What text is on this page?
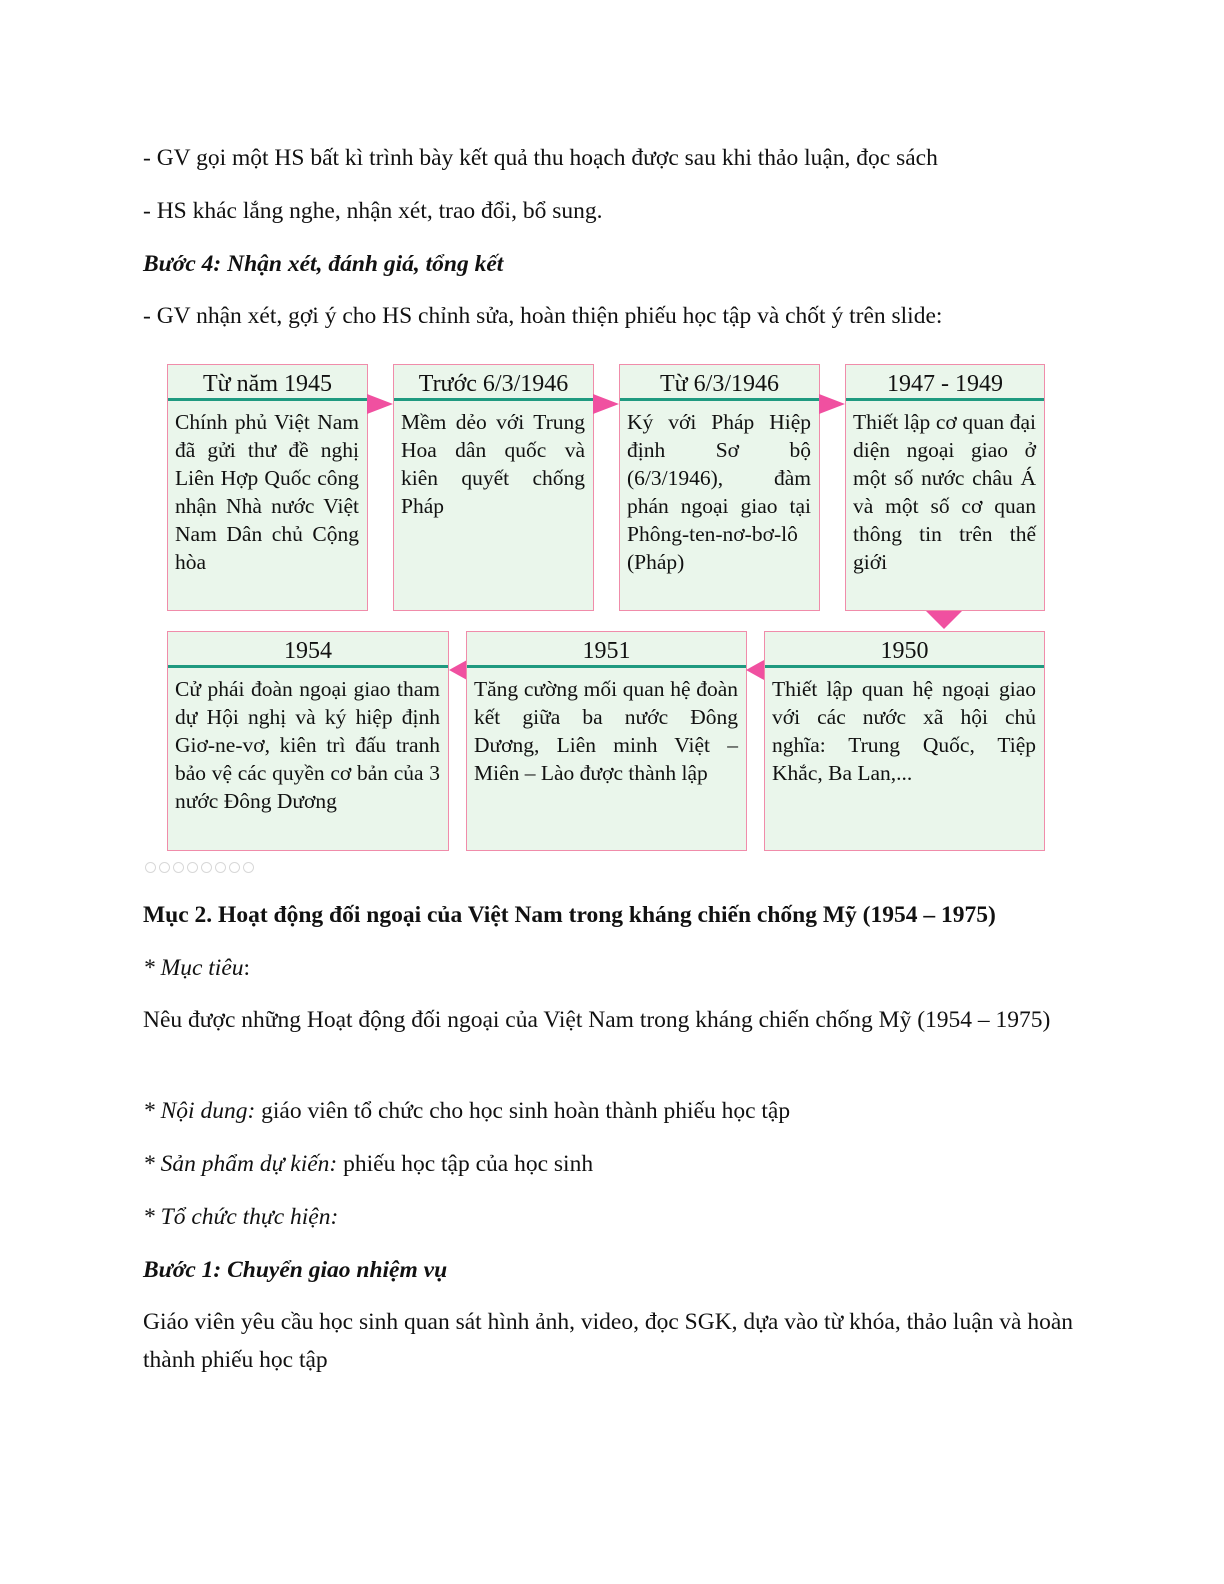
- GV gọi một HS bất kì trình bày kết quả thu hoạch được sau khi thảo luận, đọc sách

- HS khác lắng nghe, nhận xét, trao đổi, bổ sung.

Bước 4: Nhận xét, đánh giá, tổng kết

- GV nhận xét, gợi ý cho HS chỉnh sửa, hoàn thiện phiếu học tập và chốt ý trên slide:

Từ năm 1945
Chính phủ Việt Nam đã gửi thư đề nghị Liên Hợp Quốc công nhận Nhà nước Việt Nam Dân chủ Cộng hòa
Trước 6/3/1946
Mềm dẻo với Trung Hoa dân quốc và kiên quyết chống Pháp
Từ 6/3/1946
Ký với Pháp Hiệp định Sơ bộ (6/3/1946), đàm phán ngoại giao tại Phông-ten-nơ-bơ-lô (Pháp)
1947 - 1949
Thiết lập cơ quan đại diện ngoại giao ở một số nước châu Á và một số cơ quan thông tin trên thế giới
1954
Cử phái đoàn ngoại giao tham dự Hội nghị và ký hiệp định Giơ-ne-vơ, kiên trì đấu tranh bảo vệ các quyền cơ bản của 3 nước Đông Dương
1951
Tăng cường mối quan hệ đoàn kết giữa ba nước Đông Dương, Liên minh Việt – Miên – Lào được thành lập
1950
Thiết lập quan hệ ngoại giao với các nước xã hội chủ nghĩa: Trung Quốc, Tiệp Khắc, Ba Lan,...

Mục 2. Hoạt động đối ngoại của Việt Nam trong kháng chiến chống Mỹ (1954 – 1975)

* Mục tiêu:

Nêu được những Hoạt động đối ngoại của Việt Nam trong kháng chiến chống Mỹ (1954 – 1975)

* Nội dung: giáo viên tổ chức cho học sinh hoàn thành phiếu học tập

* Sản phẩm dự kiến: phiếu học tập của học sinh

* Tổ chức thực hiện:

Bước 1: Chuyển giao nhiệm vụ

Giáo viên yêu cầu học sinh quan sát hình ảnh, video, đọc SGK, dựa vào từ khóa, thảo luận và hoàn thành phiếu học tập
